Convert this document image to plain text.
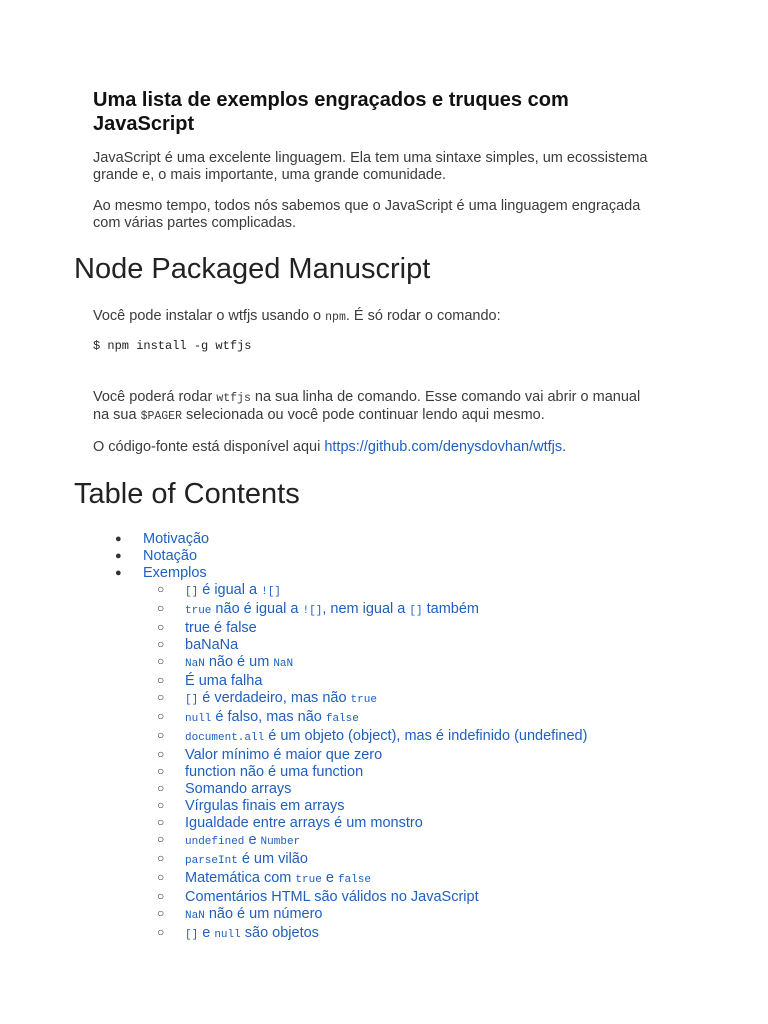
Uma lista de exemplos engraçados e truques com JavaScript

JavaScript é uma excelente linguagem. Ela tem uma sintaxe simples, um ecossistema grande e, o mais importante, uma grande comunidade.

Ao mesmo tempo, todos nós sabemos que o JavaScript é uma linguagem engraçada com várias partes complicadas.

Node Packaged Manuscript

Você pode instalar o wtfjs usando o npm. É só rodar o comando:

$ npm install -g wtfjs

Você poderá rodar wtfjs na sua linha de comando. Esse comando vai abrir o manual na sua $PAGER selecionada ou você pode continuar lendo aqui mesmo.

O código-fonte está disponível aqui https://github.com/denysdovhan/wtfjs.

Table of Contents
● Motivação
● Notação
● Exemplos
○ [] é igual a ![]
○ true não é igual a ![], nem igual a [] também
○ true é false
○ baNaNa
○ NaN não é um NaN
○ É uma falha
○ [] é verdadeiro, mas não true
○ null é falso, mas não false
○ document.all é um objeto (object), mas é indefinido (undefined)
○ Valor mínimo é maior que zero
○ function não é uma function
○ Somando arrays
○ Vírgulas finais em arrays
○ Igualdade entre arrays é um monstro
○ undefined e Number
○ parseInt é um vilão
○ Matemática com true e false
○ Comentários HTML são válidos no JavaScript
○ NaN não é um número
○ [] e null são objetos
